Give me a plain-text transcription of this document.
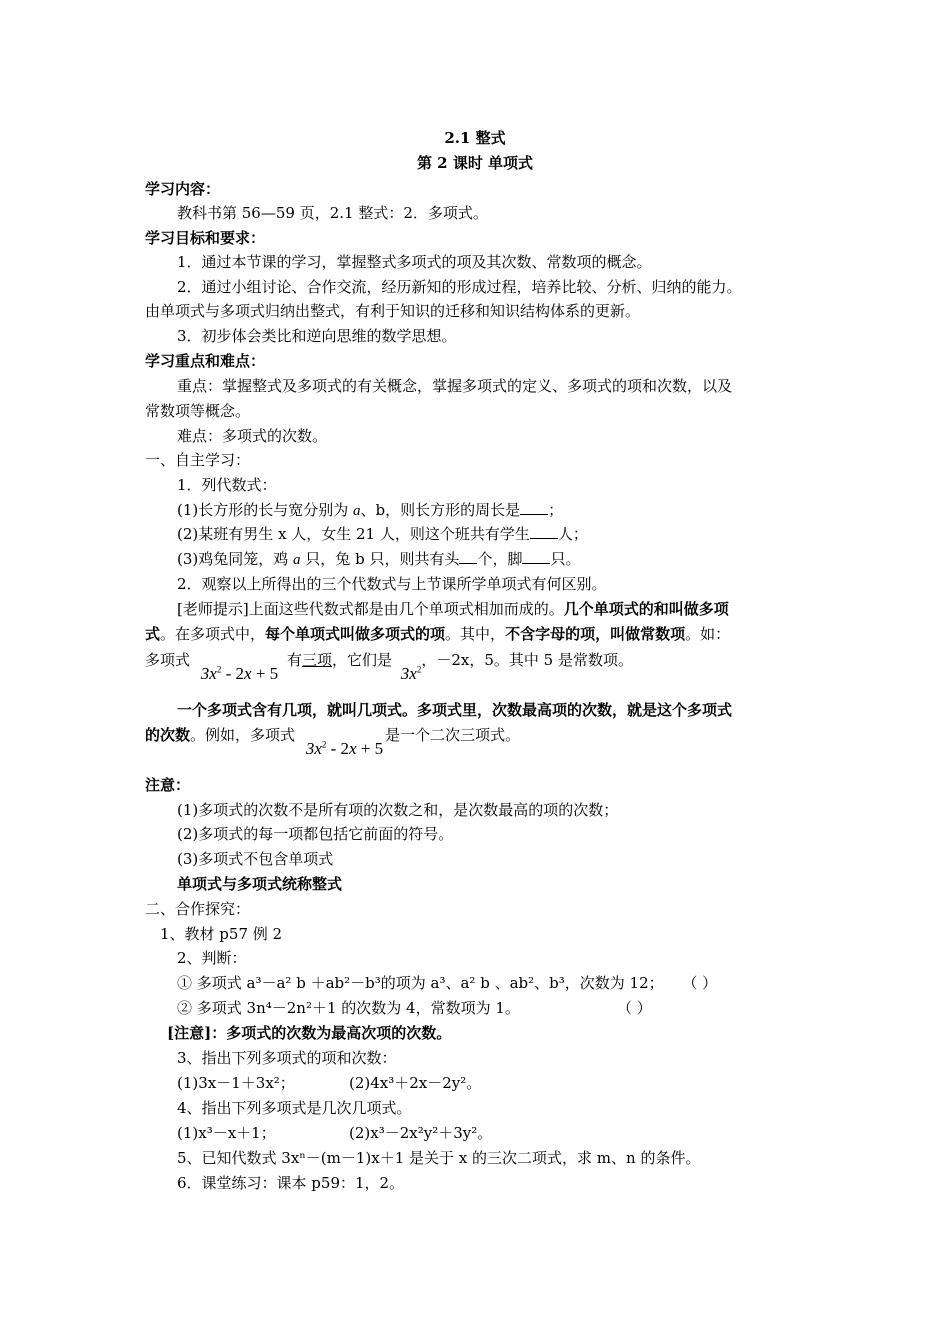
2.1 整式
第 2 课时 单项式
学习内容：
教科书第 56—59 页，2.1 整式：2．多项式。
学习目标和要求：
1．通过本节课的学习，掌握整式多项式的项及其次数、常数项的概念。
2．通过小组讨论、合作交流，经历新知的形成过程，培养比较、分析、归纳的能力。
由单项式与多项式归纳出整式，有利于知识的迁移和知识结构体系的更新。
3．初步体会类比和逆向思维的数学思想。
学习重点和难点：
重点：掌握整式及多项式的有关概念，掌握多项式的定义、多项式的项和次数，以及
常数项等概念。
难点：多项式的次数。
一、自主学习：
1．列代数式：
(1)长方形的长与宽分别为 a、b，则长方形的周长是 ；
(2)某班有男生 x 人，女生 21 人，则这个班共有学生 人；
(3)鸡兔同笼，鸡 a 只，兔 b 只，则共有头 个，脚 只。
2．观察以上所得出的三个代数式与上节课所学单项式有何区别。
[老师提示]上面这些代数式都是由几个单项式相加而成的。几个单项式的和叫做多项
式。在多项式中，每个单项式叫做多项式的项。其中，不含字母的项，叫做常数项。如：
多项式 $3x^2 - 2x + 5$ 有三项，它们是 $3x^2$，－2x，5。其中 5 是常数项。
一个多项式含有几项，就叫几项式。多项式里，次数最高项的次数，就是这个多项式
的次数。例如，多项式 $3x^2 - 2x + 5$是一个二次三项式。
注意：
(1)多项式的次数不是所有项的次数之和，是次数最高的项的次数；
(2)多项式的每一项都包括它前面的符号。
(3)多项式不包含单项式
单项式与多项式统称整式
二、合作探究：
1、教材 p57 例 2
2、判断：
① 多项式 a³－a² b ＋ab²－b³的项为 a³、a² b 、ab²、b³，次数为 12； （ ）
② 多项式 3n⁴－2n²＋1 的次数为 4，常数项为 1。	（ ）
[注意]：多项式的次数为最高次项的次数。
3、指出下列多项式的项和次数：
(1)3x－1＋3x²；	(2)4x³＋2x－2y²。
4、指出下列多项式是几次几项式。
(1)x³－x＋1；	(2)x³－2x²y²＋3y²。
5、已知代数式 3xⁿ－(m－1)x＋1 是关于 x 的三次二项式，求 m、n 的条件。
6．课堂练习：课本 p59：1，2。
